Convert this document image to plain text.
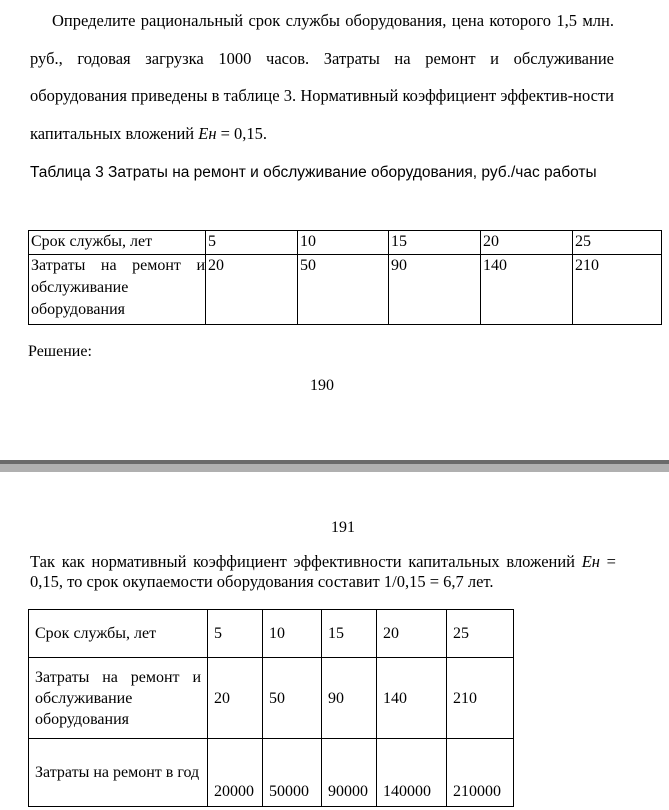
Определите рациональный срок службы оборудования, цена которого 1,5 млн. руб., годовая загрузка 1000 часов. Затраты на ремонт и обслуживание оборудования приведены в таблице 3. Нормативный коэффициент эффектив-ности капитальных вложений Ен = 0,15.

Таблица 3 Затраты на ремонт и обслуживание оборудования, руб./час работы

Срок службы, лет	5	10	15	20	25
Затраты на ремонт и обслуживание оборудования	20	50	90	140	210

Решение:

190

191

Так как нормативный коэффициент эффективности капитальных вложений Ен = 0,15, то срок окупаемости оборудования составит 1/0,15 = 6,7 лет.

Срок службы, лет	5	10	15	20	25
Затраты на ремонт и обслуживание оборудования	20	50	90	140	210
Затраты на ремонт в год	20000	50000	90000	140000	210000
